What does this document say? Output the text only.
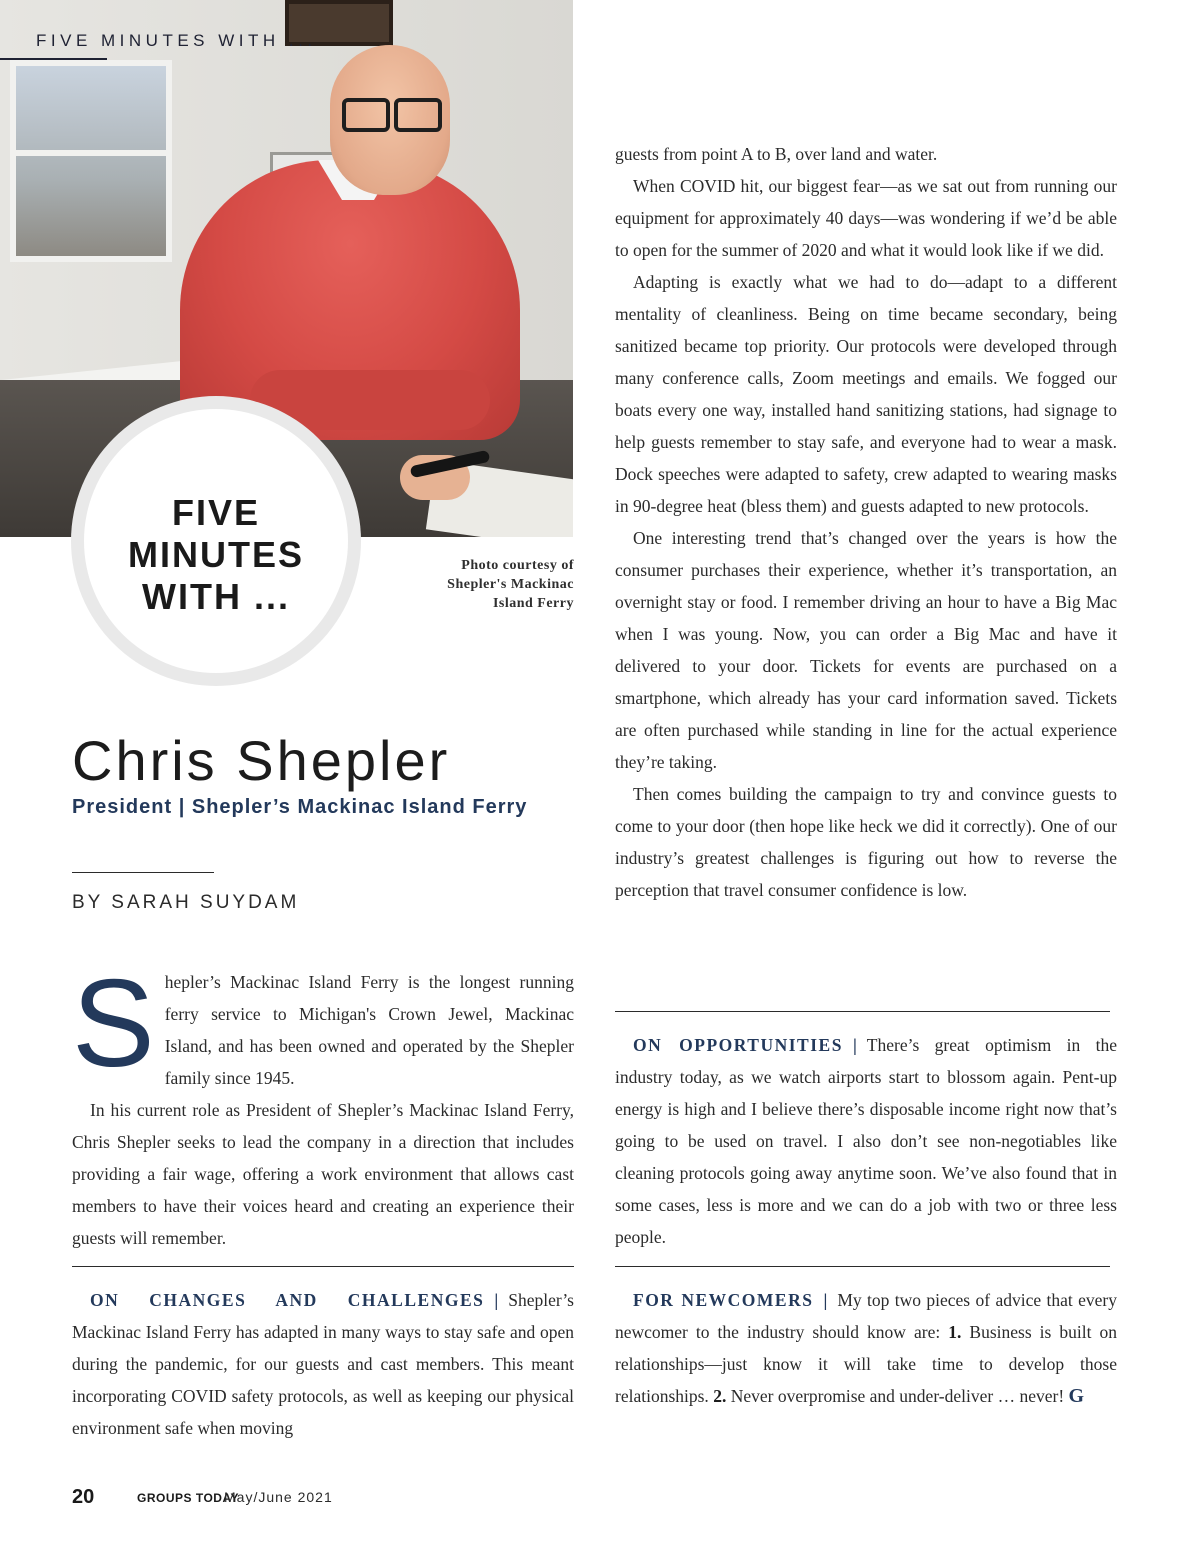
FIVE MINUTES WITH ...
FIVE
MINUTES
WITH ...
Photo courtesy of Shepler's Mackinac Island Ferry
Chris Shepler
President | Shepler’s Mackinac Island Ferry
BY SARAH SUYDAM

Shepler’s Mackinac Island Ferry is the longest running ferry service to Michigan's Crown Jewel, Mackinac Island, and has been owned and operated by the Shepler family since 1945.

In his current role as President of Shepler’s Mackinac Island Ferry, Chris Shepler seeks to lead the company in a direction that includes providing a fair wage, offering a work environment that allows cast members to have their voices heard and creating an experience their guests will remember.

ON CHANGES AND CHALLENGES | Shepler’s Mackinac Island Ferry has adapted in many ways to stay safe and open during the pandemic, for our guests and cast members. This meant incorporating COVID safety protocols, as well as keeping our physical environment safe when moving

guests from point A to B, over land and water.

When COVID hit, our biggest fear—as we sat out from running our equipment for approximately 40 days—was wondering if we’d be able to open for the summer of 2020 and what it would look like if we did.

Adapting is exactly what we had to do—adapt to a different mentality of cleanliness. Being on time became secondary, being sanitized became top priority. Our protocols were developed through many conference calls, Zoom meetings and emails. We fogged our boats every one way, installed hand sanitizing stations, had signage to help guests remember to stay safe, and everyone had to wear a mask. Dock speeches were adapted to safety, crew adapted to wearing masks in 90-degree heat (bless them) and guests adapted to new protocols.

One interesting trend that’s changed over the years is how the consumer purchases their experience, whether it’s transportation, an overnight stay or food. I remember driving an hour to have a Big Mac when I was young. Now, you can order a Big Mac and have it delivered to your door. Tickets for events are purchased on a smartphone, which already has your card information saved. Tickets are often purchased while standing in line for the actual experience they’re taking.

Then comes building the campaign to try and convince guests to come to your door (then hope like heck we did it correctly). One of our industry’s greatest challenges is figuring out how to reverse the perception that travel consumer confidence is low.

ON OPPORTUNITIES | There’s great optimism in the industry today, as we watch airports start to blossom again. Pent-up energy is high and I believe there’s disposable income right now that’s going to be used on travel. I also don’t see non-negotiables like cleaning protocols going away anytime soon. We’ve also found that in some cases, less is more and we can do a job with two or three less people.

FOR NEWCOMERS | My top two pieces of advice that every newcomer to the industry should know are: 1. Business is built on relationships—just know it will take time to develop those relationships. 2. Never overpromise and under-deliver … never! G

20	GROUPS TODAY
May/June 2021
